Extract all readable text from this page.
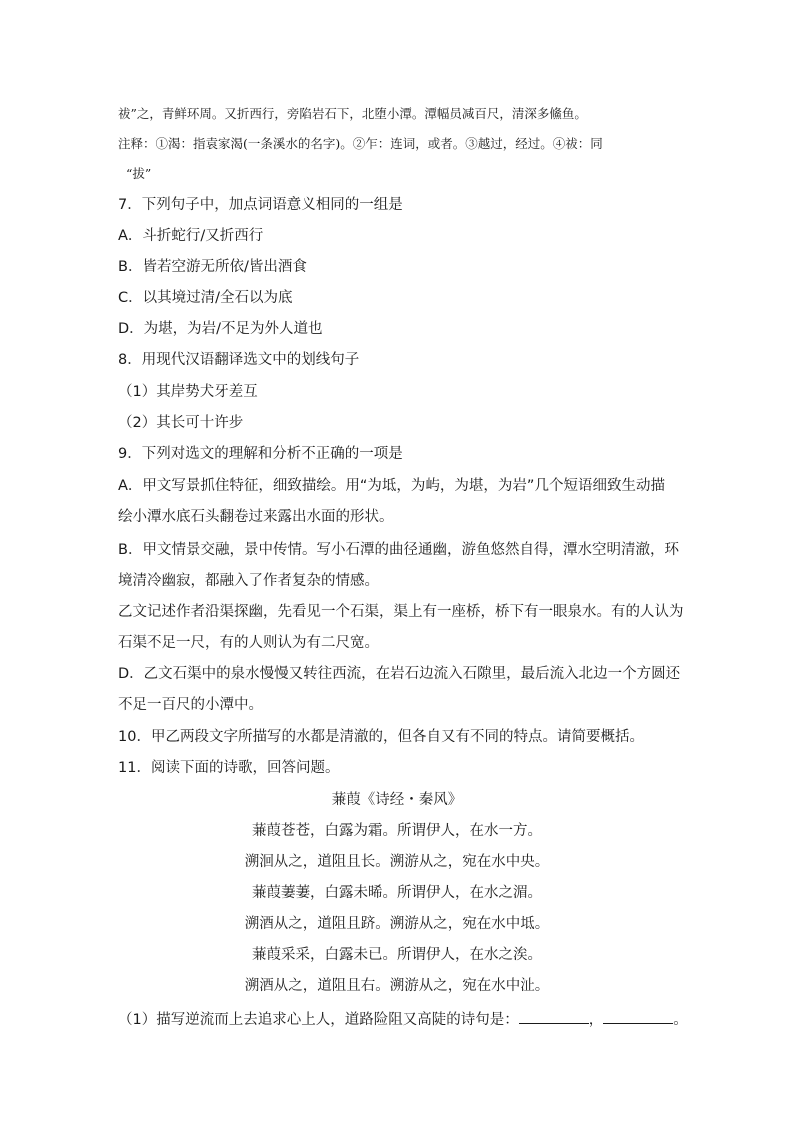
祓”之，青鲜环周。又折西行，旁陷岩石下，北堕小潭。潭幅员减百尺，清深多鯈鱼。
注释：①渴：指袁家渴(一条溪水的名字)。②乍：连词，或者。③越过，经过。④祓：同
“拔”
7．下列句子中，加点词语意义相同的一组是
A．斗折蛇行/又折西行
B．皆若空游无所依/皆出酒食
C．以其境过清/全石以为底
D．为堪，为岩/不足为外人道也
8．用现代汉语翻译选文中的划线句子
（1）其岸势犬牙差互
（2）其长可十许步
9．下列对选文的理解和分析不正确的一项是
A．甲文写景抓住特征，细致描绘。用“为坻，为屿，为堪，为岩”几个短语细致生动描
绘小潭水底石头翻卷过来露出水面的形状。
B．甲文情景交融，景中传情。写小石潭的曲径通幽，游鱼悠然自得，潭水空明清澈，环
境清冷幽寂，都融入了作者复杂的情感。
乙文记述作者沿渠探幽，先看见一个石渠，渠上有一座桥，桥下有一眼泉水。有的人认为
石渠不足一尺，有的人则认为有二尺宽。
D．乙文石渠中的泉水慢慢又转往西流，在岩石边流入石隙里，最后流入北边一个方圆还
不足一百尺的小潭中。
10．甲乙两段文字所描写的水都是清澈的，但各自又有不同的特点。请简要概括。
11．阅读下面的诗歌，回答问题。
蒹葭《诗经・秦风》
蒹葭苍苍，白露为霜。所谓伊人，在水一方。
溯洄从之，道阻且长。溯游从之，宛在水中央。
蒹葭萋萋，白露未晞。所谓伊人，在水之湄。
溯酒从之，道阻且跻。溯游从之，宛在水中坻。
蒹葭采采，白露未已。所谓伊人，在水之涘。
溯酒从之，道阻且右。溯游从之，宛在水中沚。
（1）描写逆流而上去追求心上人，道路险阻又高陡的诗句是：	，	。
